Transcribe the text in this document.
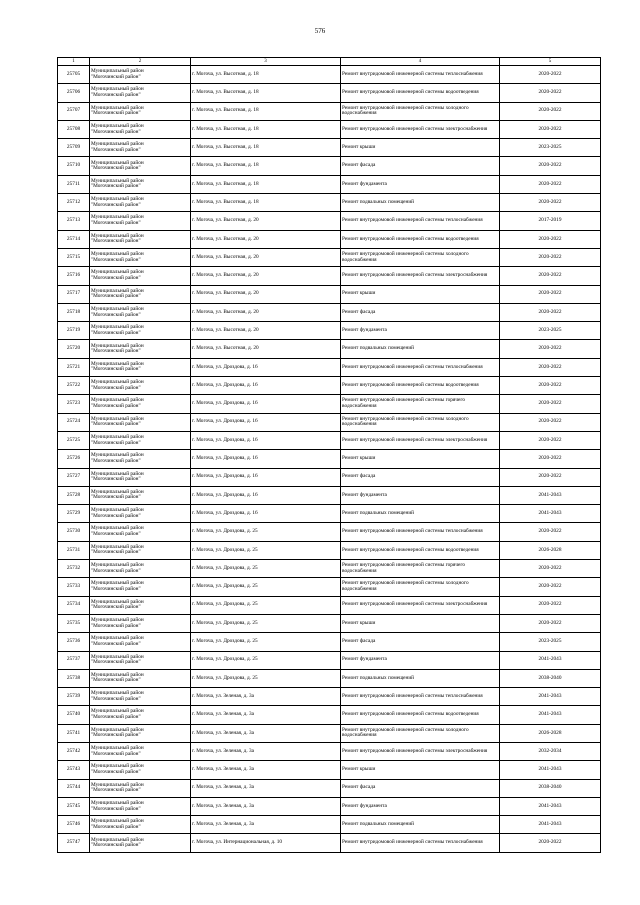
576
1	2	3	4	5
25705	Муниципальный район
"Могочинский район"	г. Могоча, ул. Высотная, д. 18	Ремонт внутридомовой инженерной системы теплоснабжения	2020-2022
25706	Муниципальный район
"Могочинский район"	г. Могоча, ул. Высотная, д. 18	Ремонт внутридомовой инженерной системы водоотведения	2020-2022
25707	Муниципальный район
"Могочинский район"	г. Могоча, ул. Высотная, д. 18	Ремонт внутридомовой инженерной системы холодного водоснабжения	2020-2022
25708	Муниципальный район
"Могочинский район"	г. Могоча, ул. Высотная, д. 18	Ремонт внутридомовой инженерной системы электроснабжения	2020-2022
25709	Муниципальный район
"Могочинский район"	г. Могоча, ул. Высотная, д. 18	Ремонт крыши	2023-2025
25710	Муниципальный район
"Могочинский район"	г. Могоча, ул. Высотная, д. 18	Ремонт фасада	2020-2022
25711	Муниципальный район
"Могочинский район"	г. Могоча, ул. Высотная, д. 18	Ремонт фундамента	2020-2022
25712	Муниципальный район
"Могочинский район"	г. Могоча, ул. Высотная, д. 18	Ремонт подвальных помещений	2020-2022
25713	Муниципальный район
"Могочинский район"	г. Могоча, ул. Высотная, д. 20	Ремонт внутридомовой инженерной системы теплоснабжения	2017-2019
25714	Муниципальный район
"Могочинский район"	г. Могоча, ул. Высотная, д. 20	Ремонт внутридомовой инженерной системы водоотведения	2020-2022
25715	Муниципальный район
"Могочинский район"	г. Могоча, ул. Высотная, д. 20	Ремонт внутридомовой инженерной системы холодного водоснабжения	2020-2022
25716	Муниципальный район
"Могочинский район"	г. Могоча, ул. Высотная, д. 20	Ремонт внутридомовой инженерной системы электроснабжения	2020-2022
25717	Муниципальный район
"Могочинский район"	г. Могоча, ул. Высотная, д. 20	Ремонт крыши	2020-2022
25718	Муниципальный район
"Могочинский район"	г. Могоча, ул. Высотная, д. 20	Ремонт фасада	2020-2022
25719	Муниципальный район
"Могочинский район"	г. Могоча, ул. Высотная, д. 20	Ремонт фундамента	2023-2025
25720	Муниципальный район
"Могочинский район"	г. Могоча, ул. Высотная, д. 20	Ремонт подвальных помещений	2020-2022
25721	Муниципальный район
"Могочинский район"	г. Могоча, ул. Дроздова, д. 16	Ремонт внутридомовой инженерной системы теплоснабжения	2020-2022
25722	Муниципальный район
"Могочинский район"	г. Могоча, ул. Дроздова, д. 16	Ремонт внутридомовой инженерной системы водоотведения	2020-2022
25723	Муниципальный район
"Могочинский район"	г. Могоча, ул. Дроздова, д. 16	Ремонт внутридомовой инженерной системы горячего водоснабжения	2020-2022
25724	Муниципальный район
"Могочинский район"	г. Могоча, ул. Дроздова, д. 16	Ремонт внутридомовой инженерной системы холодного водоснабжения	2020-2022
25725	Муниципальный район
"Могочинский район"	г. Могоча, ул. Дроздова, д. 16	Ремонт внутридомовой инженерной системы электроснабжения	2020-2022
25726	Муниципальный район
"Могочинский район"	г. Могоча, ул. Дроздова, д. 16	Ремонт крыши	2020-2022
25727	Муниципальный район
"Могочинский район"	г. Могоча, ул. Дроздова, д. 16	Ремонт фасада	2020-2022
25728	Муниципальный район
"Могочинский район"	г. Могоча, ул. Дроздова, д. 16	Ремонт фундамента	2041-2043
25729	Муниципальный район
"Могочинский район"	г. Могоча, ул. Дроздова, д. 16	Ремонт подвальных помещений	2041-2043
25730	Муниципальный район
"Могочинский район"	г. Могоча, ул. Дроздова, д. 25	Ремонт внутридомовой инженерной системы теплоснабжения	2020-2022
25731	Муниципальный район
"Могочинский район"	г. Могоча, ул. Дроздова, д. 25	Ремонт внутридомовой инженерной системы водоотведения	2026-2028
25732	Муниципальный район
"Могочинский район"	г. Могоча, ул. Дроздова, д. 25	Ремонт внутридомовой инженерной системы горячего водоснабжения	2020-2022
25733	Муниципальный район
"Могочинский район"	г. Могоча, ул. Дроздова, д. 25	Ремонт внутридомовой инженерной системы холодного водоснабжения	2020-2022
25734	Муниципальный район
"Могочинский район"	г. Могоча, ул. Дроздова, д. 25	Ремонт внутридомовой инженерной системы электроснабжения	2020-2022
25735	Муниципальный район
"Могочинский район"	г. Могоча, ул. Дроздова, д. 25	Ремонт крыши	2020-2022
25736	Муниципальный район
"Могочинский район"	г. Могоча, ул. Дроздова, д. 25	Ремонт фасада	2023-2025
25737	Муниципальный район
"Могочинский район"	г. Могоча, ул. Дроздова, д. 25	Ремонт фундамента	2041-2043
25738	Муниципальный район
"Могочинский район"	г. Могоча, ул. Дроздова, д. 25	Ремонт подвальных помещений	2038-2040
25739	Муниципальный район
"Могочинский район"	г. Могоча, ул. Зеленая, д. 3а	Ремонт внутридомовой инженерной системы теплоснабжения	2041-2043
25740	Муниципальный район
"Могочинский район"	г. Могоча, ул. Зеленая, д. 3а	Ремонт внутридомовой инженерной системы водоотведения	2041-2043
25741	Муниципальный район
"Могочинский район"	г. Могоча, ул. Зеленая, д. 3а	Ремонт внутридомовой инженерной системы холодного водоснабжения	2026-2028
25742	Муниципальный район
"Могочинский район"	г. Могоча, ул. Зеленая, д. 3а	Ремонт внутридомовой инженерной системы электроснабжения	2032-2034
25743	Муниципальный район
"Могочинский район"	г. Могоча, ул. Зеленая, д. 3а	Ремонт крыши	2041-2043
25744	Муниципальный район
"Могочинский район"	г. Могоча, ул. Зеленая, д. 3а	Ремонт фасада	2038-2040
25745	Муниципальный район
"Могочинский район"	г. Могоча, ул. Зеленая, д. 3а	Ремонт фундамента	2041-2043
25746	Муниципальный район
"Могочинский район"	г. Могоча, ул. Зеленая, д. 3а	Ремонт подвальных помещений	2041-2043
25747	Муниципальный район
"Могочинский район"	г. Могоча, ул. Интернациональная, д. 10	Ремонт внутридомовой инженерной системы теплоснабжения	2020-2022
